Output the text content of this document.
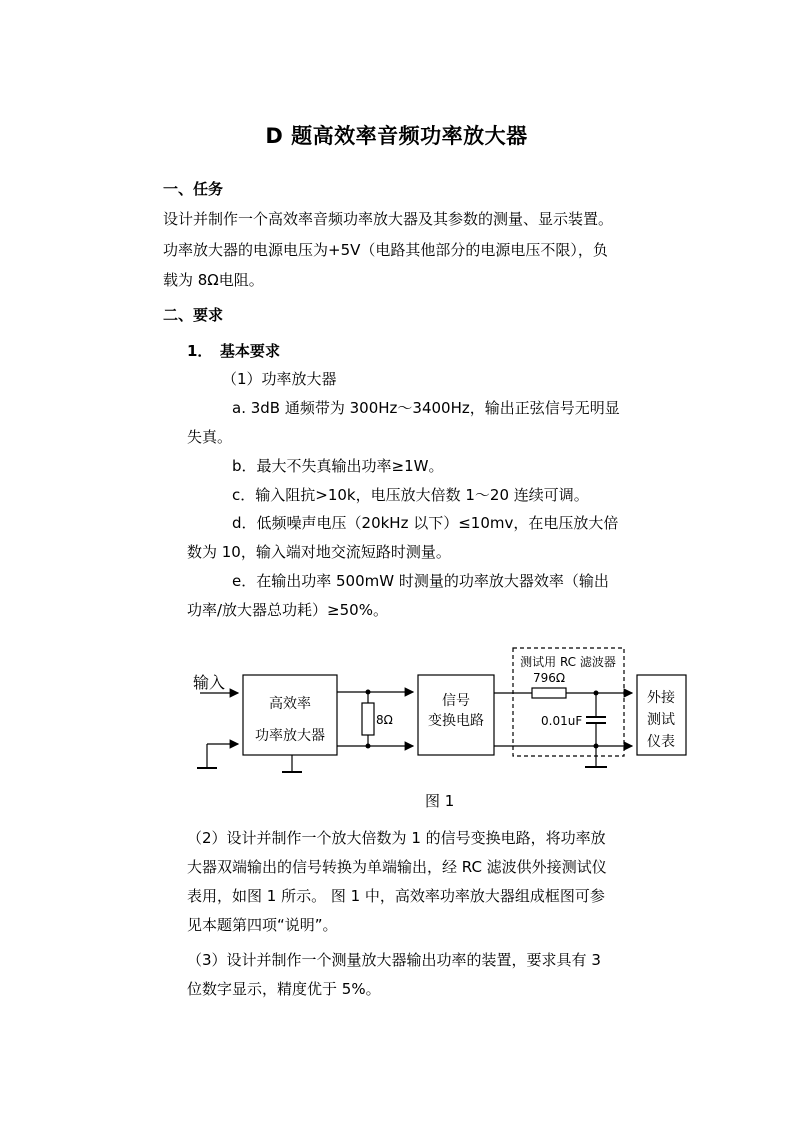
D 题高效率音频功率放大器
一、任务
设计并制作一个高效率音频功率放大器及其参数的测量、显示装置。
功率放大器的电源电压为+5V（电路其他部分的电源电压不限），负
载为 8Ω电阻。
二、要求
1．　基本要求
（1）功率放大器
a. 3dB 通频带为 300Hz～3400Hz，输出正弦信号无明显
失真。
b．最大不失真输出功率≥1W。
c．输入阻抗>10k，电压放大倍数 1～20 连续可调。
d．低频噪声电压（20kHz 以下）≤10mv，在电压放大倍
数为 10，输入端对地交流短路时测量。
e．在输出功率 500mW 时测量的功率放大器效率（输出
功率/放大器总功耗）≥50%。
输入
高效率
功率放大器
8Ω
信号
变换电路
测试用 RC 滤波器
796Ω
0.01uF
外接
测试
仪表
图 1
（2）设计并制作一个放大倍数为 1 的信号变换电路，将功率放
大器双端输出的信号转换为单端输出，经 RC 滤波供外接测试仪
表用，如图 1 所示。 图 1 中，高效率功率放大器组成框图可参
见本题第四项“说明”。
（3）设计并制作一个测量放大器输出功率的装置，要求具有 3
位数字显示，精度优于 5%。
